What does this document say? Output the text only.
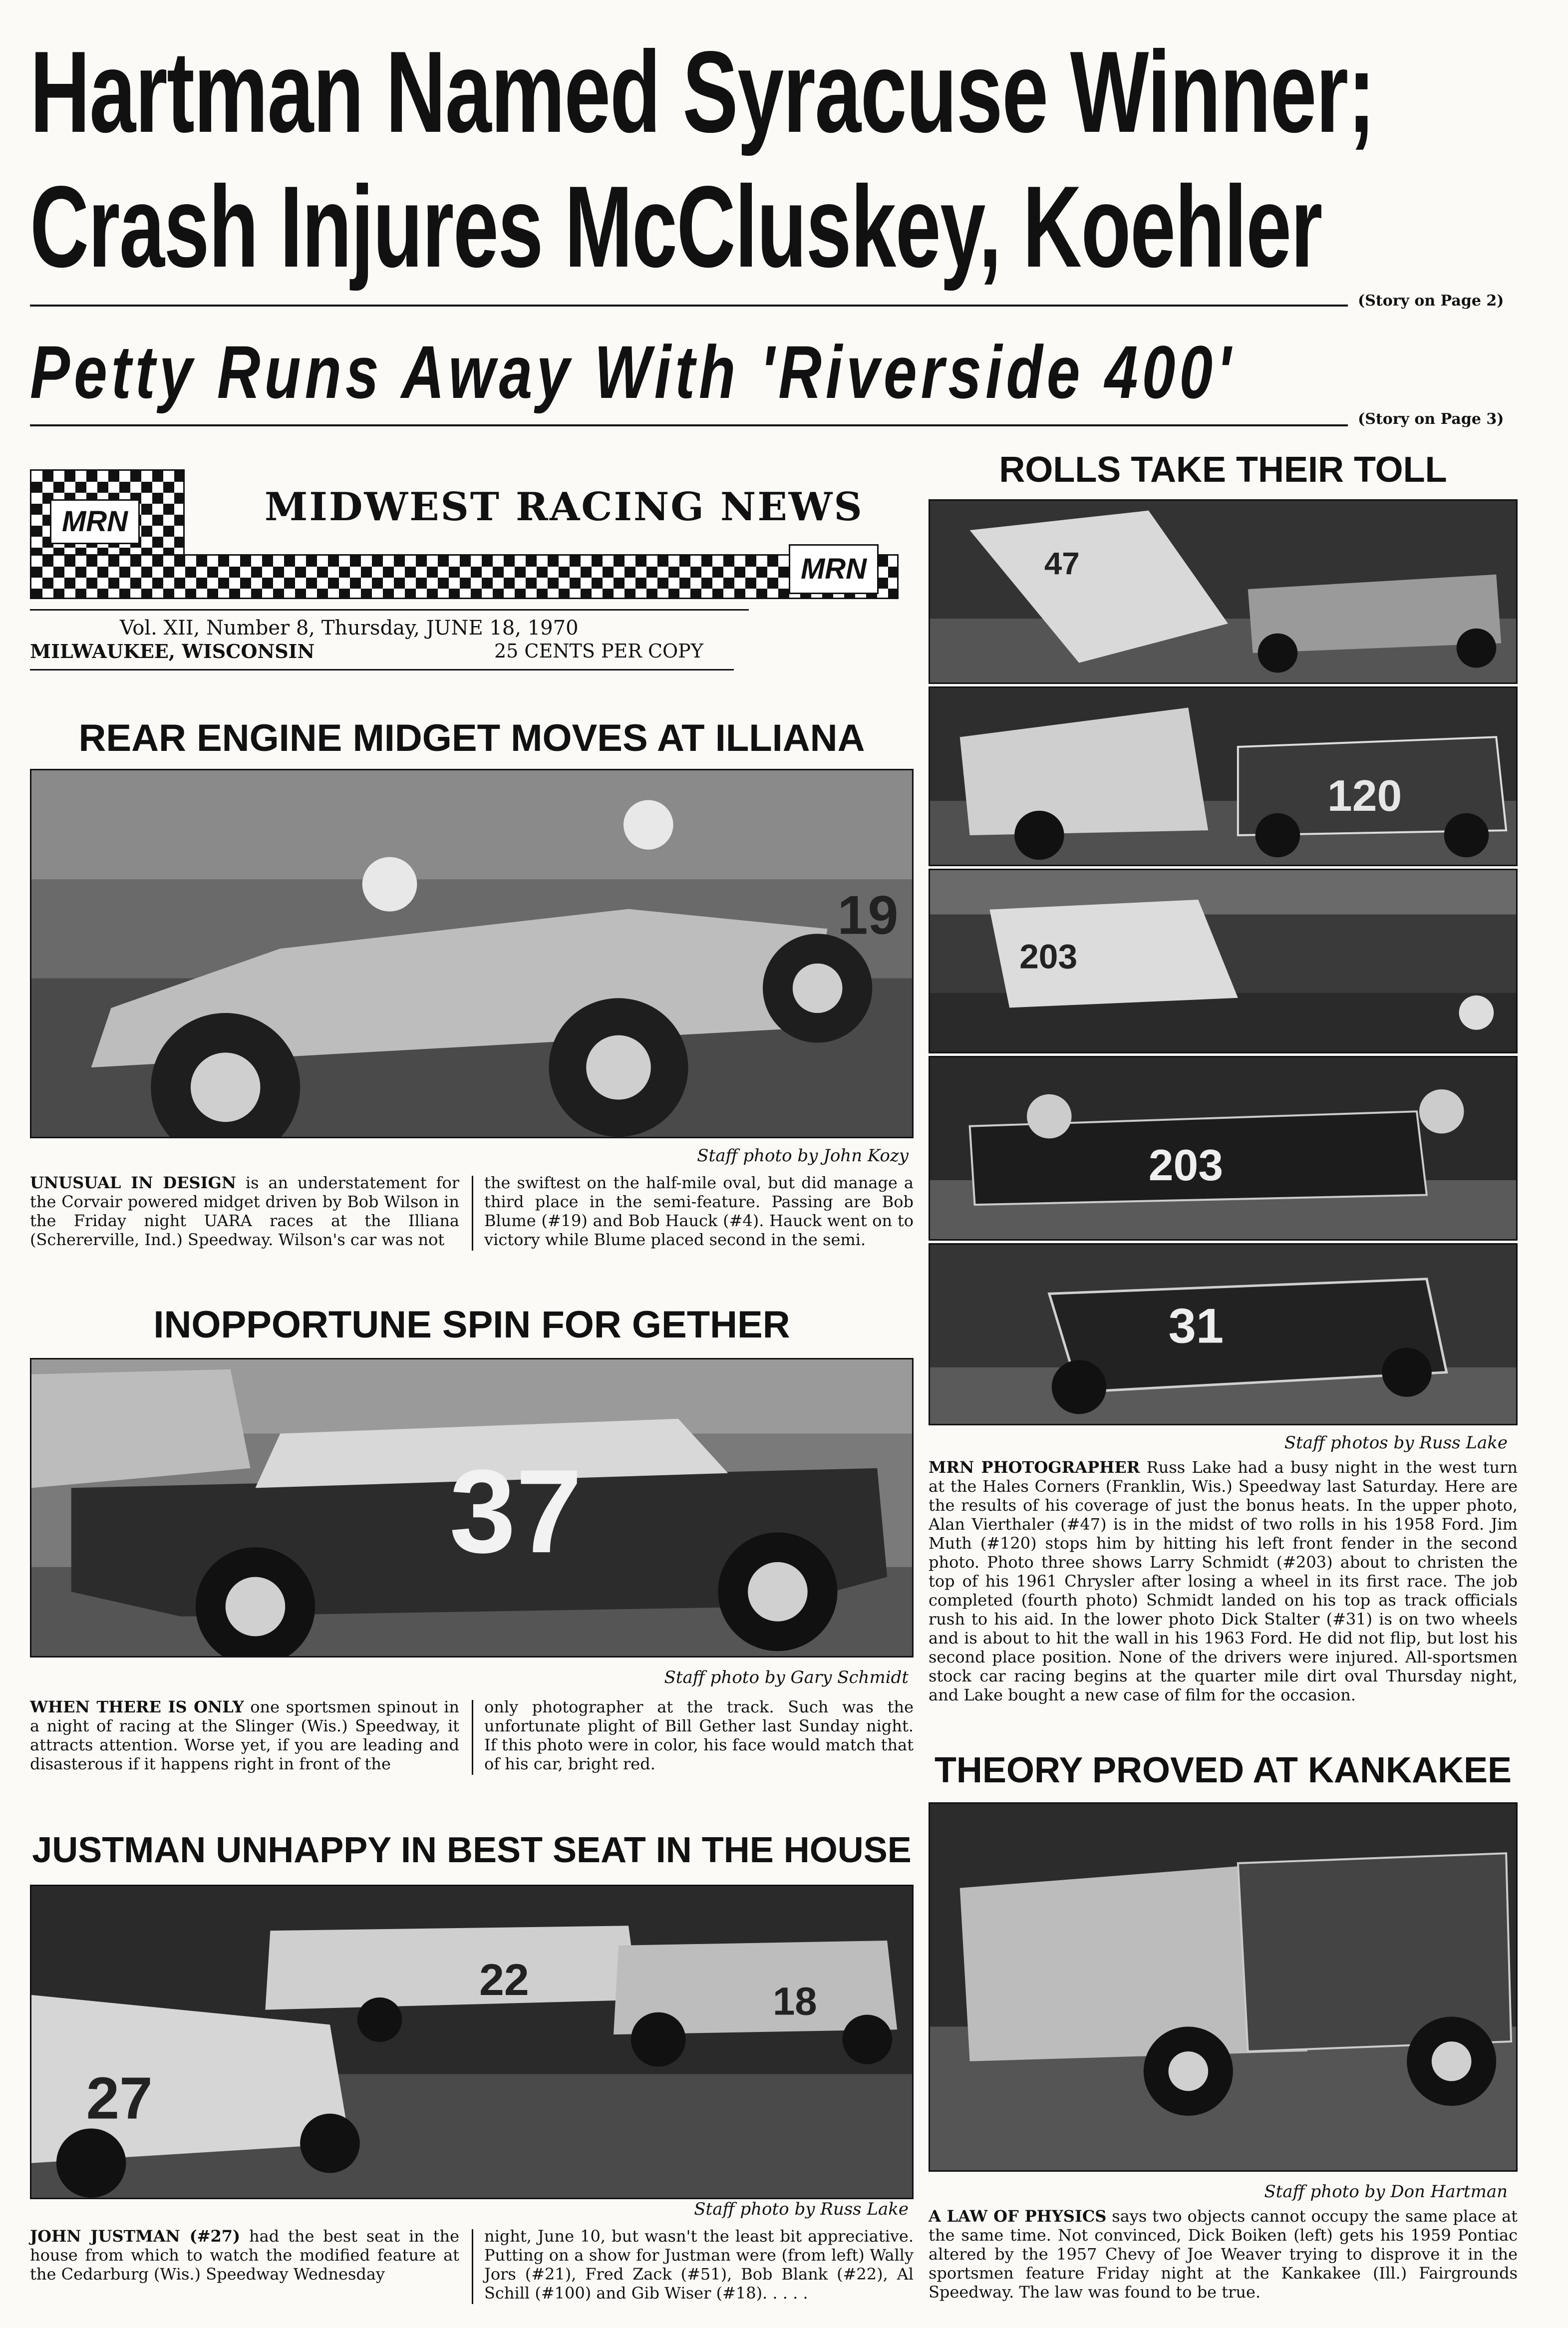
Hartman Named Syracuse Winner;
Crash Injures McCluskey, Koehler
(Story on Page 2)
Petty Runs Away With 'Riverside 400'
(Story on Page 3)
MRN	MIDWEST RACING NEWS
MRN
Vol. XII, Number 8, Thursday, JUNE 18, 1970
MILWAUKEE, WISCONSIN	25 CENTS PER COPY
REAR ENGINE MIDGET MOVES AT ILLIANA
19
Staff photo by John Kozy
UNUSUAL IN DESIGN is an understatement for the Corvair powered midget driven by Bob Wilson in the Friday night UARA races at the Illiana (Schererville, Ind.) Speedway. Wilson's car was not
the swiftest on the half-mile oval, but did manage a third place in the semi-feature. Passing are Bob Blume (#19) and Bob Hauck (#4). Hauck went on to victory while Blume placed second in the semi.
INOPPORTUNE SPIN FOR GETHER
37
Staff photo by Gary Schmidt
WHEN THERE IS ONLY one sportsmen spinout in a night of racing at the Slinger (Wis.) Speedway, it attracts attention. Worse yet, if you are leading and disasterous if it happens right in front of the
only photographer at the track. Such was the unfortunate plight of Bill Gether last Sunday night. If this photo were in color, his face would match that of his car, bright red.
JUSTMAN UNHAPPY IN BEST SEAT IN THE HOUSE
27
22	18
Staff photo by Russ Lake
JOHN JUSTMAN (#27) had the best seat in the house from which to watch the modified feature at the Cedarburg (Wis.) Speedway Wednesday
night, June 10, but wasn't the least bit appreciative. Putting on a show for Justman were (from left) Wally Jors (#21), Fred Zack (#51), Bob Blank (#22), Al Schill (#100) and Gib Wiser (#18). . . . .
ROLLS TAKE THEIR TOLL
47
120
203
203
31
Staff photos by Russ Lake
MRN PHOTOGRAPHER Russ Lake had a busy night in the west turn at the Hales Corners (Franklin, Wis.) Speedway last Saturday. Here are the results of his coverage of just the bonus heats. In the upper photo, Alan Vierthaler (#47) is in the midst of two rolls in his 1958 Ford. Jim Muth (#120) stops him by hitting his left front fender in the second photo. Photo three shows Larry Schmidt (#203) about to christen the top of his 1961 Chrysler after losing a wheel in its first race. The job completed (fourth photo) Schmidt landed on his top as track officials rush to his aid. In the lower photo Dick Stalter (#31) is on two wheels and is about to hit the wall in his 1963 Ford. He did not flip, but lost his second place position. None of the drivers were injured. All-sportsmen stock car racing begins at the quarter mile dirt oval Thursday night, and Lake bought a new case of film for the occasion.
THEORY PROVED AT KANKAKEE
Staff photo by Don Hartman
A LAW OF PHYSICS says two objects cannot occupy the same place at the same time. Not convinced, Dick Boiken (left) gets his 1959 Pontiac altered by the 1957 Chevy of Joe Weaver trying to disprove it in the sportsmen feature Friday night at the Kankakee (Ill.) Fairgrounds Speedway. The law was found to be true.
